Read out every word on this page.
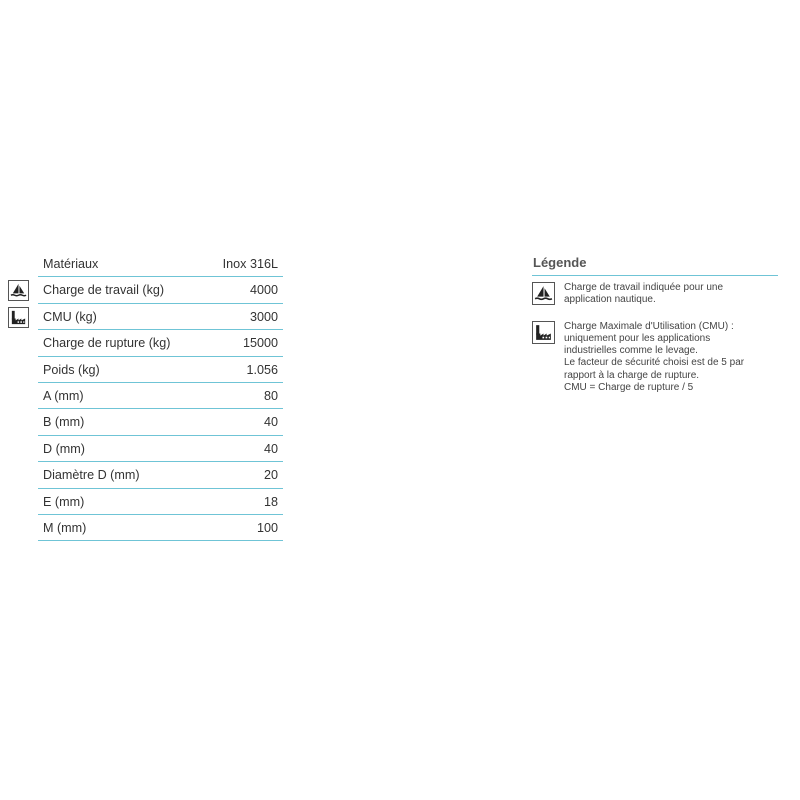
Matériaux	Inox 316L
Charge de travail (kg)	4000
CMU (kg)	3000
Charge de rupture (kg)	15000
Poids (kg)	1.056
A (mm)	80
B (mm)	40
D (mm)	40
Diamètre D (mm)	20
E (mm)	18
M (mm)	100
Légende
Charge de travail indiquée pour une
application nautique.
Charge Maximale d'Utilisation (CMU) :
uniquement pour les applications
industrielles comme le levage.
Le facteur de sécurité choisi est de 5 par
rapport à la charge de rupture.
CMU = Charge de rupture / 5
